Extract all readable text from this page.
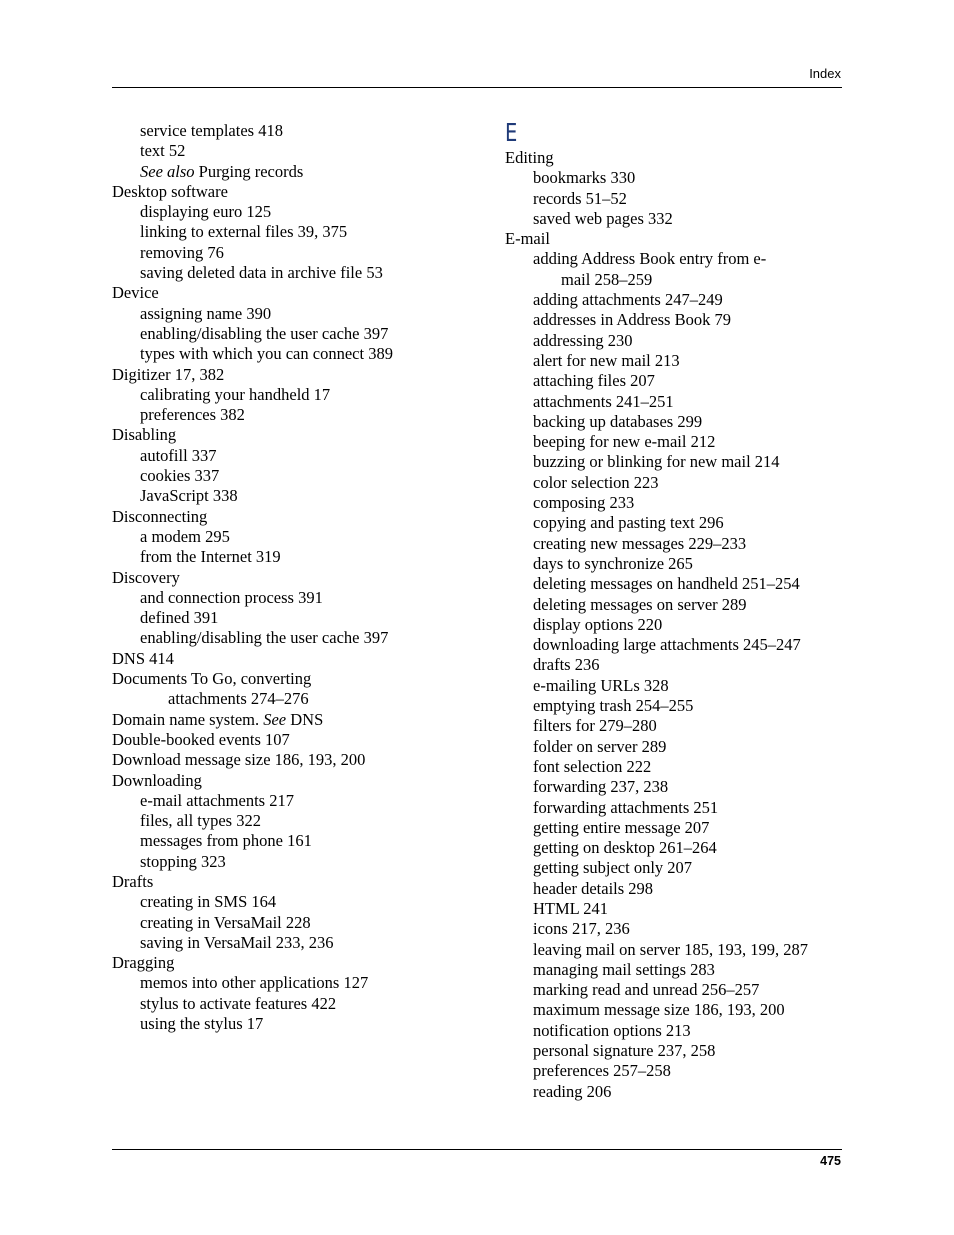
Index
service templates 418
text 52
See also Purging records
Desktop software
displaying euro 125
linking to external files 39, 375
removing 76
saving deleted data in archive file 53
Device
assigning name 390
enabling/disabling the user cache 397
types with which you can connect 389
Digitizer 17, 382
calibrating your handheld 17
preferences 382
Disabling
autofill 337
cookies 337
JavaScript 338
Disconnecting
a modem 295
from the Internet 319
Discovery
and connection process 391
defined 391
enabling/disabling the user cache 397
DNS 414
Documents To Go, converting
attachments 274–276
Domain name system. See DNS
Double-booked events 107
Download message size 186, 193, 200
Downloading
e-mail attachments 217
files, all types 322
messages from phone 161
stopping 323
Drafts
creating in SMS 164
creating in VersaMail 228
saving in VersaMail 233, 236
Dragging
memos into other applications 127
stylus to activate features 422
using the stylus 17
E
Editing
bookmarks 330
records 51–52
saved web pages 332
E-mail
adding Address Book entry from e-
mail 258–259
adding attachments 247–249
addresses in Address Book 79
addressing 230
alert for new mail 213
attaching files 207
attachments 241–251
backing up databases 299
beeping for new e-mail 212
buzzing or blinking for new mail 214
color selection 223
composing 233
copying and pasting text 296
creating new messages 229–233
days to synchronize 265
deleting messages on handheld 251–254
deleting messages on server 289
display options 220
downloading large attachments 245–247
drafts 236
e-mailing URLs 328
emptying trash 254–255
filters for 279–280
folder on server 289
font selection 222
forwarding 237, 238
forwarding attachments 251
getting entire message 207
getting on desktop 261–264
getting subject only 207
header details 298
HTML 241
icons 217, 236
leaving mail on server 185, 193, 199, 287
managing mail settings 283
marking read and unread 256–257
maximum message size 186, 193, 200
notification options 213
personal signature 237, 258
preferences 257–258
reading 206
475
